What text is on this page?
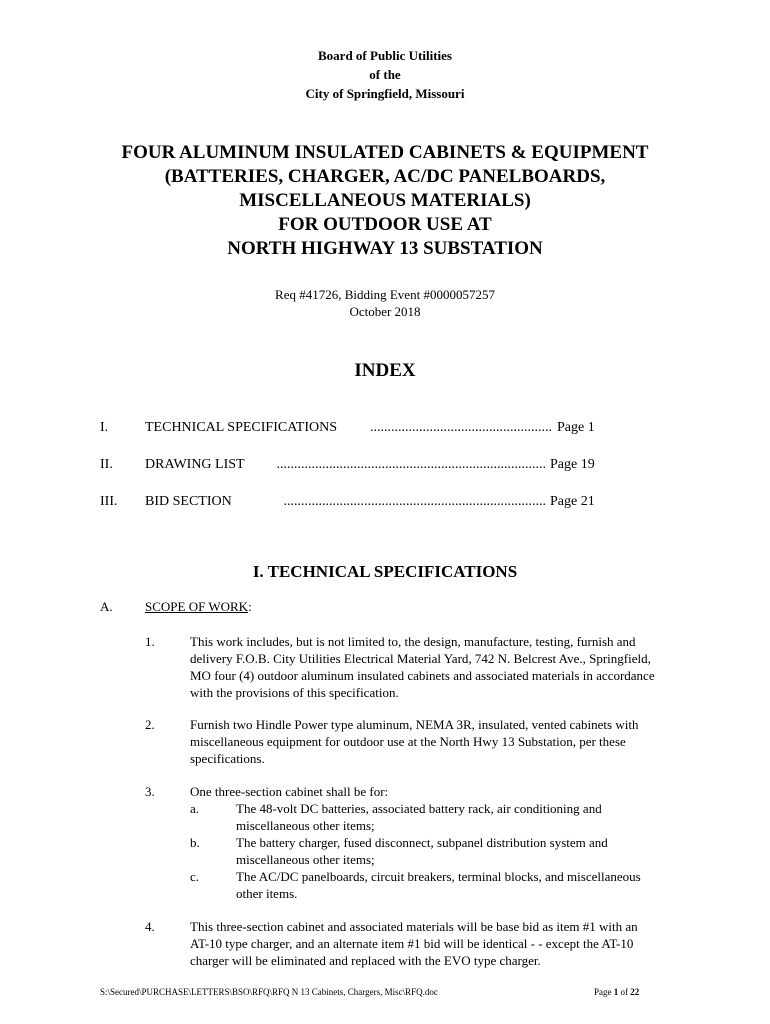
Board of Public Utilities
of the
City of Springfield, Missouri
FOUR ALUMINUM INSULATED CABINETS & EQUIPMENT
(BATTERIES, CHARGER, AC/DC PANELBOARDS,
MISCELLANEOUS MATERIALS)
FOR OUTDOOR USE AT
NORTH HIGHWAY 13 SUBSTATION
Req #41726, Bidding Event #0000057257
October 2018
INDEX
I.	TECHNICAL SPECIFICATIONS	.................................................... Page 1
II. DRAWING LIST	............................................................................. Page 19
III. BID SECTION	........................................................................... Page 21
I. TECHNICAL SPECIFICATIONS
A. SCOPE OF WORK:
1.	This work includes, but is not limited to, the design, manufacture, testing, furnish and
delivery F.O.B. City Utilities Electrical Material Yard, 742 N. Belcrest Ave., Springfield,
MO four (4) outdoor aluminum insulated cabinets and associated materials in accordance
with the provisions of this specification.
2.	Furnish two Hindle Power type aluminum, NEMA 3R, insulated, vented cabinets with
miscellaneous equipment for outdoor use at the North Hwy 13 Substation, per these
specifications.
3.	One three-section cabinet shall be for:
a.	The 48-volt DC batteries, associated battery rack, air conditioning and
miscellaneous other items;
b.	The battery charger, fused disconnect, subpanel distribution system and
miscellaneous other items;
c.	The AC/DC panelboards, circuit breakers, terminal blocks, and miscellaneous
other items.
4.	This three-section cabinet and associated materials will be base bid as item #1 with an
AT-10 type charger, and an alternate item #1 bid will be identical - - except the AT-10
charger will be eliminated and replaced with the EVO type charger.
S:\Secured\PURCHASE\LETTERS\BSO\RFQ\RFQ N 13 Cabinets, Chargers, Misc\RFQ.doc	Page 1 of 22
